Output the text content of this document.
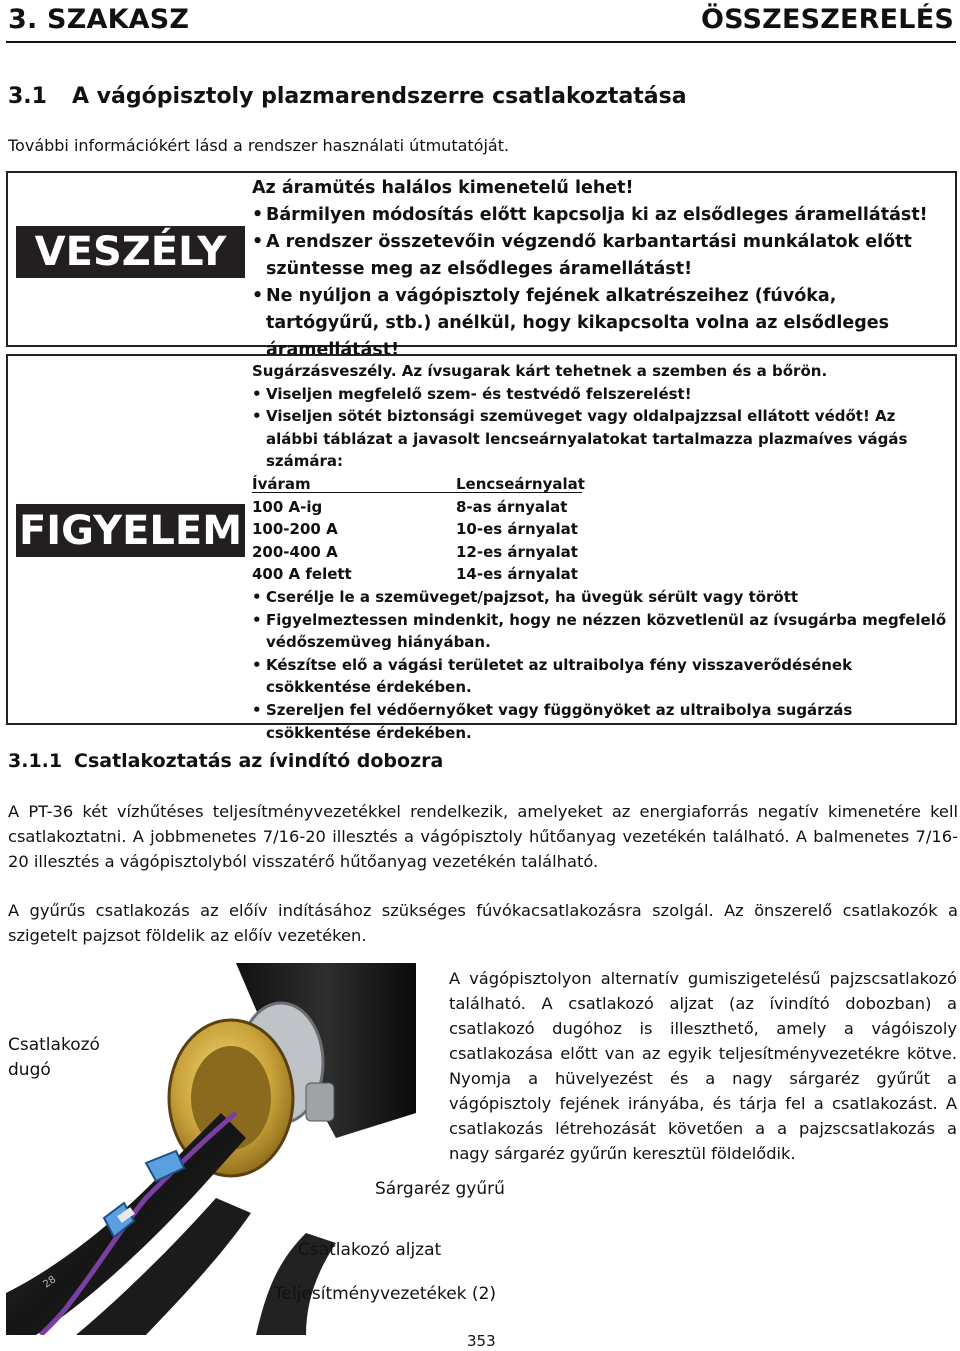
3. SZAKASZ	ÖSSZESZERELÉS
3.1 A vágópisztoly plazmarendszerre csatlakoztatása
További információkért lásd a rendszer használati útmutatóját.
VESZÉLY
Az áramütés halálos kimenetelű lehet!
• Bármilyen módosítás előtt kapcsolja ki az elsődleges áramellátást!
• A rendszer összetevőin végzendő karbantartási munkálatok előtt szüntesse meg az elsődleges áramellátást!
• Ne nyúljon a vágópisztoly fejének alkatrészeihez (fúvóka, tartógyűrű, stb.) anélkül, hogy kikapcsolta volna az elsődleges áramellátást!
FIGYELEM
Sugárzásveszély. Az ívsugarak kárt tehetnek a szemben és a bőrön.
• Viseljen megfelelő szem- és testvédő felszerelést!
• Viseljen sötét biztonsági szemüveget vagy oldalpajzzsal ellátott védőt! Az alábbi táblázat a javasolt lencseárnyalatokat tartalmazza plazmaíves vágás számára:
Íváram	Lencseárnyalat
100 A-ig	8-as árnyalat
100-200 A	10-es árnyalat
200-400 A	12-es árnyalat
400 A felett	14-es árnyalat
• Cserélje le a szemüveget/pajzsot, ha üvegük sérült vagy törött
• Figyelmeztessen mindenkit, hogy ne nézzen közvetlenül az ívsugárba megfelelő védőszemüveg hiányában.
• Készítse elő a vágási területet az ultraibolya fény visszaverődésének csökkentése érdekében.
• Szereljen fel védőernyőket vagy függönyöket az ultraibolya sugárzás csökkentése érdekében.
3.1.1 Csatlakoztatás az ívindító dobozra
A PT-36 két vízhűtéses teljesítményvezetékkel rendelkezik, amelyeket az energiaforrás negatív kimenetére kell csatlakoztatni. A jobbmenetes 7/16-20 illesztés a vágópisztoly hűtőanyag vezetékén található. A balmenetes 7/16-20 illesztés a vágópisztolyból visszatérő hűtőanyag vezetékén található.
A gyűrűs csatlakozás az előív indításához szükséges fúvókacsatlakozásra szolgál. Az önszerelő csatlakozók a szigetelt pajzsot földelik az előív vezetéken.
28
Csatlakozó
dugó
Sárgaréz gyűrű
Csatlakozó aljzat
Teljesítményvezetékek (2)
A vágópisztolyon alternatív gumiszigetelésű pajzscsatlakozó található. A csatlakozó aljzat (az ívindító dobozban) a csatlakozó dugóhoz is illeszthető, amely a vágóiszoly csatlakozása előtt van az egyik teljesítményvezetékre kötve. Nyomja a hüvelyezést és a nagy sárgaréz gyűrűt a vágópisztoly fejének irányába, és tárja fel a csatlakozást. A csatlakozás létrehozását követően a a pajzscsatlakozás a nagy sárgaréz gyűrűn keresztül földelődik.
353
